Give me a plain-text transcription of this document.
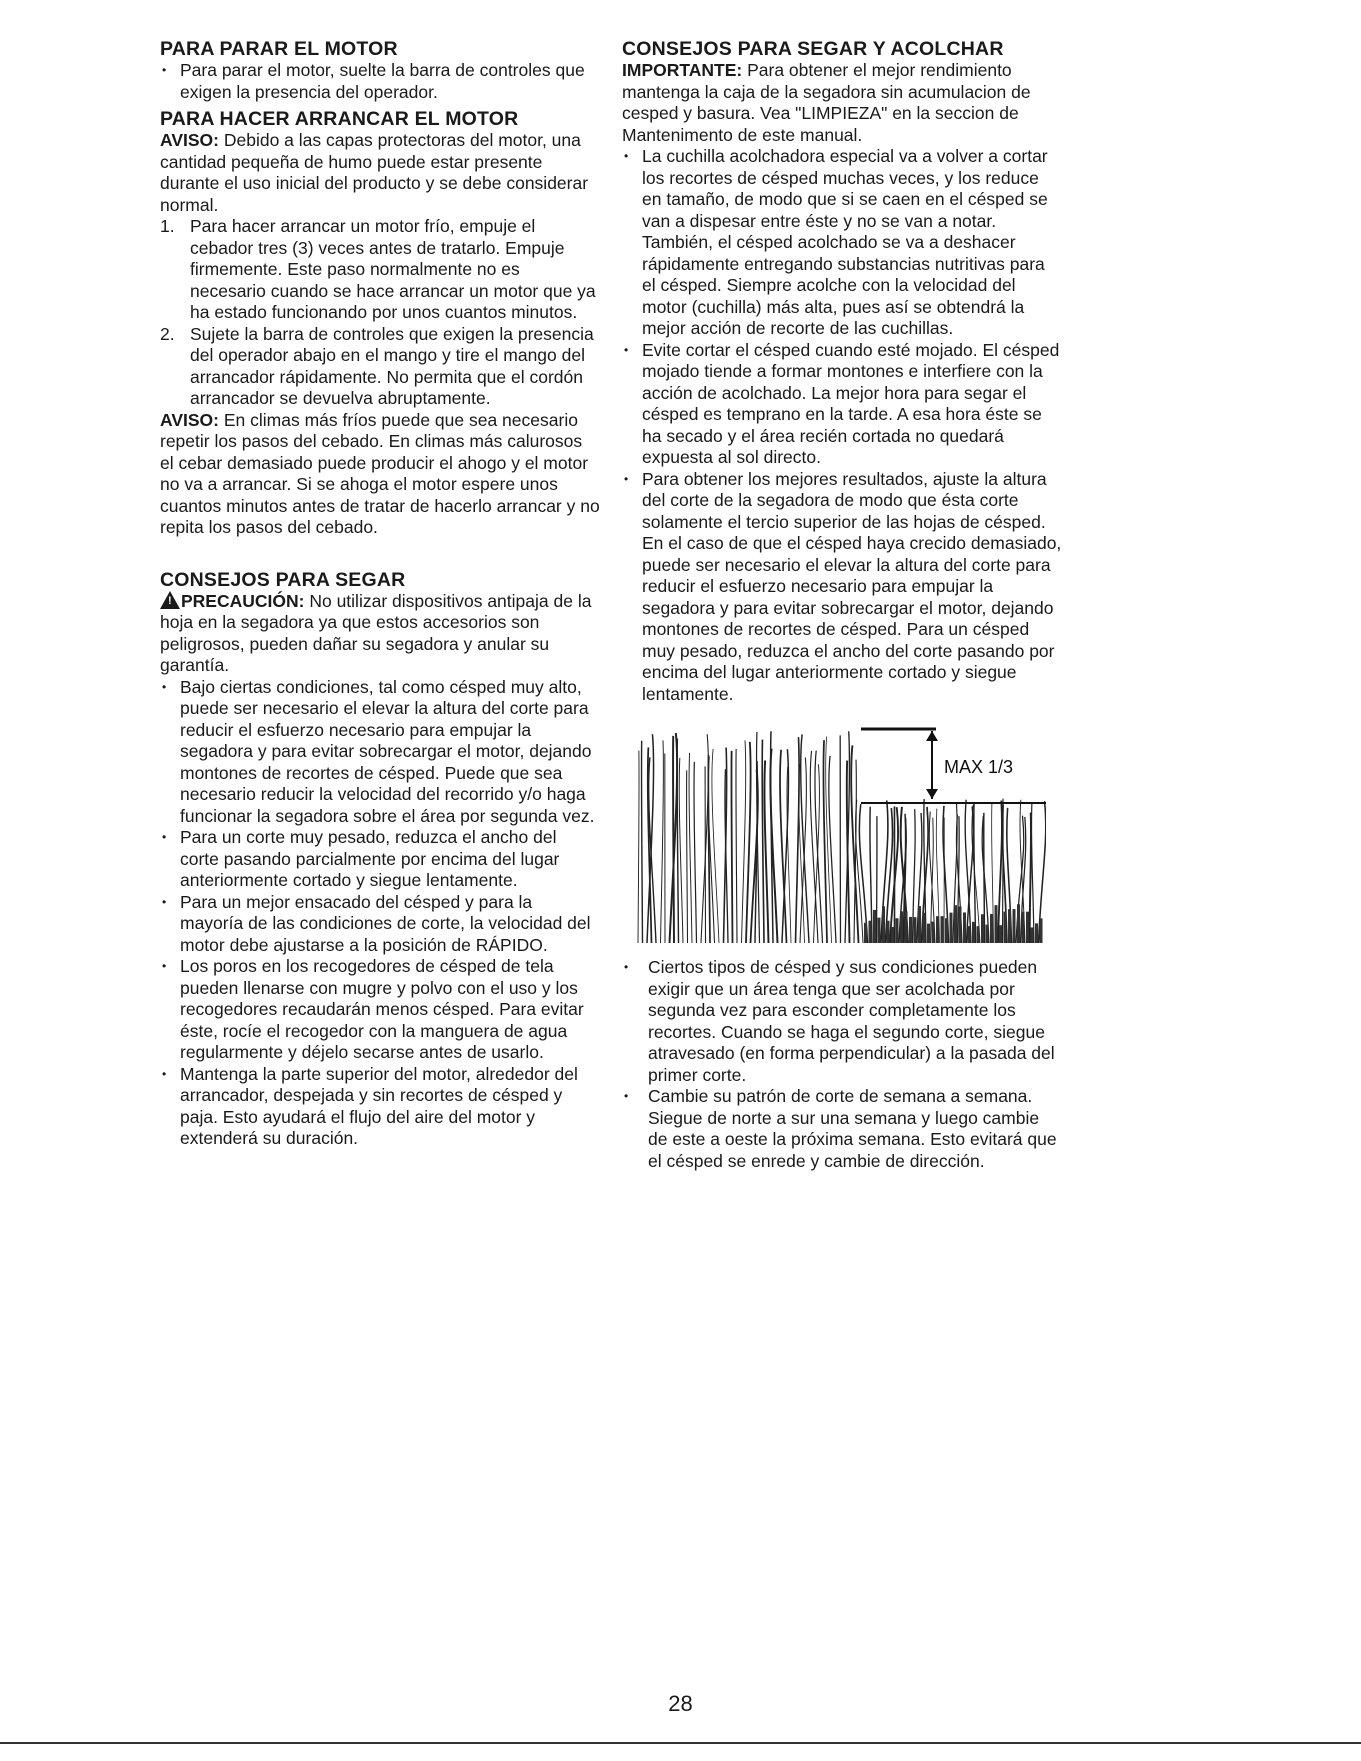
PARA PARAR EL MOTOR
• Para parar el motor, suelte la barra de controles que exigen la presencia del operador.
PARA HACER ARRANCAR EL MOTOR

AVISO: Debido a las capas protectoras del motor, una cantidad pequeña de humo puede estar presente durante el uso inicial del producto y se debe considerar normal.

1. Para hacer arrancar un motor frío, empuje el cebador tres (3) veces antes de tratarlo. Empuje firmemente. Este paso normalmente no es necesario cuando se hace arrancar un motor que ya ha estado funcionando por unos cuantos minutos.
2. Sujete la barra de controles que exigen la presencia del operador abajo en el mango y tire el mango del arrancador rápidamente. No permita que el cordón arrancador se devuelva abruptamente.

AVISO: En climas más fríos puede que sea necesario repetir los pasos del cebado. En climas más calurosos el cebar demasiado puede producir el ahogo y el motor no va a arrancar. Si se ahoga el motor espere unos cuantos minutos antes de tratar de hacerlo arrancar y no repita los pasos del cebado.

CONSEJOS PARA SEGAR

!PRECAUCIÓN: No utilizar dispositivos antipaja de la hoja en la segadora ya que estos accesorios son peligrosos, pueden dañar su segadora y anular su garantía.

• Bajo ciertas condiciones, tal como césped muy alto, puede ser necesario el elevar la altura del corte para reducir el esfuerzo necesario para empujar la segadora y para evitar sobrecargar el motor, dejando montones de recortes de césped. Puede que sea necesario reducir la velocidad del recorrido y/o haga funcionar la segadora sobre el área por segunda vez.
• Para un corte muy pesado, reduzca el ancho del corte pasando parcialmente por encima del lugar anteriormente cortado y siegue lentamente.
• Para un mejor ensacado del césped y para la mayoría de las condiciones de corte, la velocidad del motor debe ajustarse a la posición de RÁPIDO.
• Los poros en los recogedores de césped de tela pueden llenarse con mugre y polvo con el uso y los recogedores recaudarán menos césped. Para evitar éste, rocíe el recogedor con la manguera de agua regularmente y déjelo secarse antes de usarlo.
• Mantenga la parte superior del motor, alrededor del arrancador, despejada y sin recortes de césped y paja. Esto ayudará el flujo del aire del motor y extenderá su duración.
CONSEJOS PARA SEGAR Y ACOLCHAR

IMPORTANTE: Para obtener el mejor rendimiento mantenga la caja de la segadora sin acumulacion de cesped y basura. Vea "LIMPIEZA" en la seccion de Mantenimento de este manual.

• La cuchilla acolchadora especial va a volver a cortar los recortes de césped muchas veces, y los reduce en tamaño, de modo que si se caen en el césped se van a dispesar entre éste y no se van a notar. También, el césped acolchado se va a deshacer rápidamente entregando substancias nutritivas para el césped. Siempre acolche con la velocidad del motor (cuchilla) más alta, pues así se obtendrá la mejor acción de recorte de las cuchillas.
• Evite cortar el césped cuando esté mojado. El césped mojado tiende a formar montones e interfiere con la acción de acolchado. La mejor hora para segar el césped es temprano en la tarde. A esa hora éste se ha secado y el área recién cortada no quedará expuesta al sol directo.
• Para obtener los mejores resultados, ajuste la altura del corte de la segadora de modo que ésta corte solamente el tercio superior de las hojas de césped. En el caso de que el césped haya crecido demasiado, puede ser necesario el elevar la altura del corte para reducir el esfuerzo necesario para empujar la segadora y para evitar sobrecargar el motor, dejando montones de recortes de césped. Para un césped muy pesado, reduzca el ancho del corte pasando por encima del lugar anteriormente cortado y siegue lentamente.
MAX 1/3
• Ciertos tipos de césped y sus condiciones pueden exigir que un área tenga que ser acolchada por segunda vez para esconder completamente los recortes. Cuando se haga el segundo corte, siegue atravesado (en forma perpendicular) a la pasada del primer corte.
• Cambie su patrón de corte de semana a semana. Siegue de norte a sur una semana y luego cambie de este a oeste la próxima semana. Esto evitará que el césped se enrede y cambie de dirección.
28
